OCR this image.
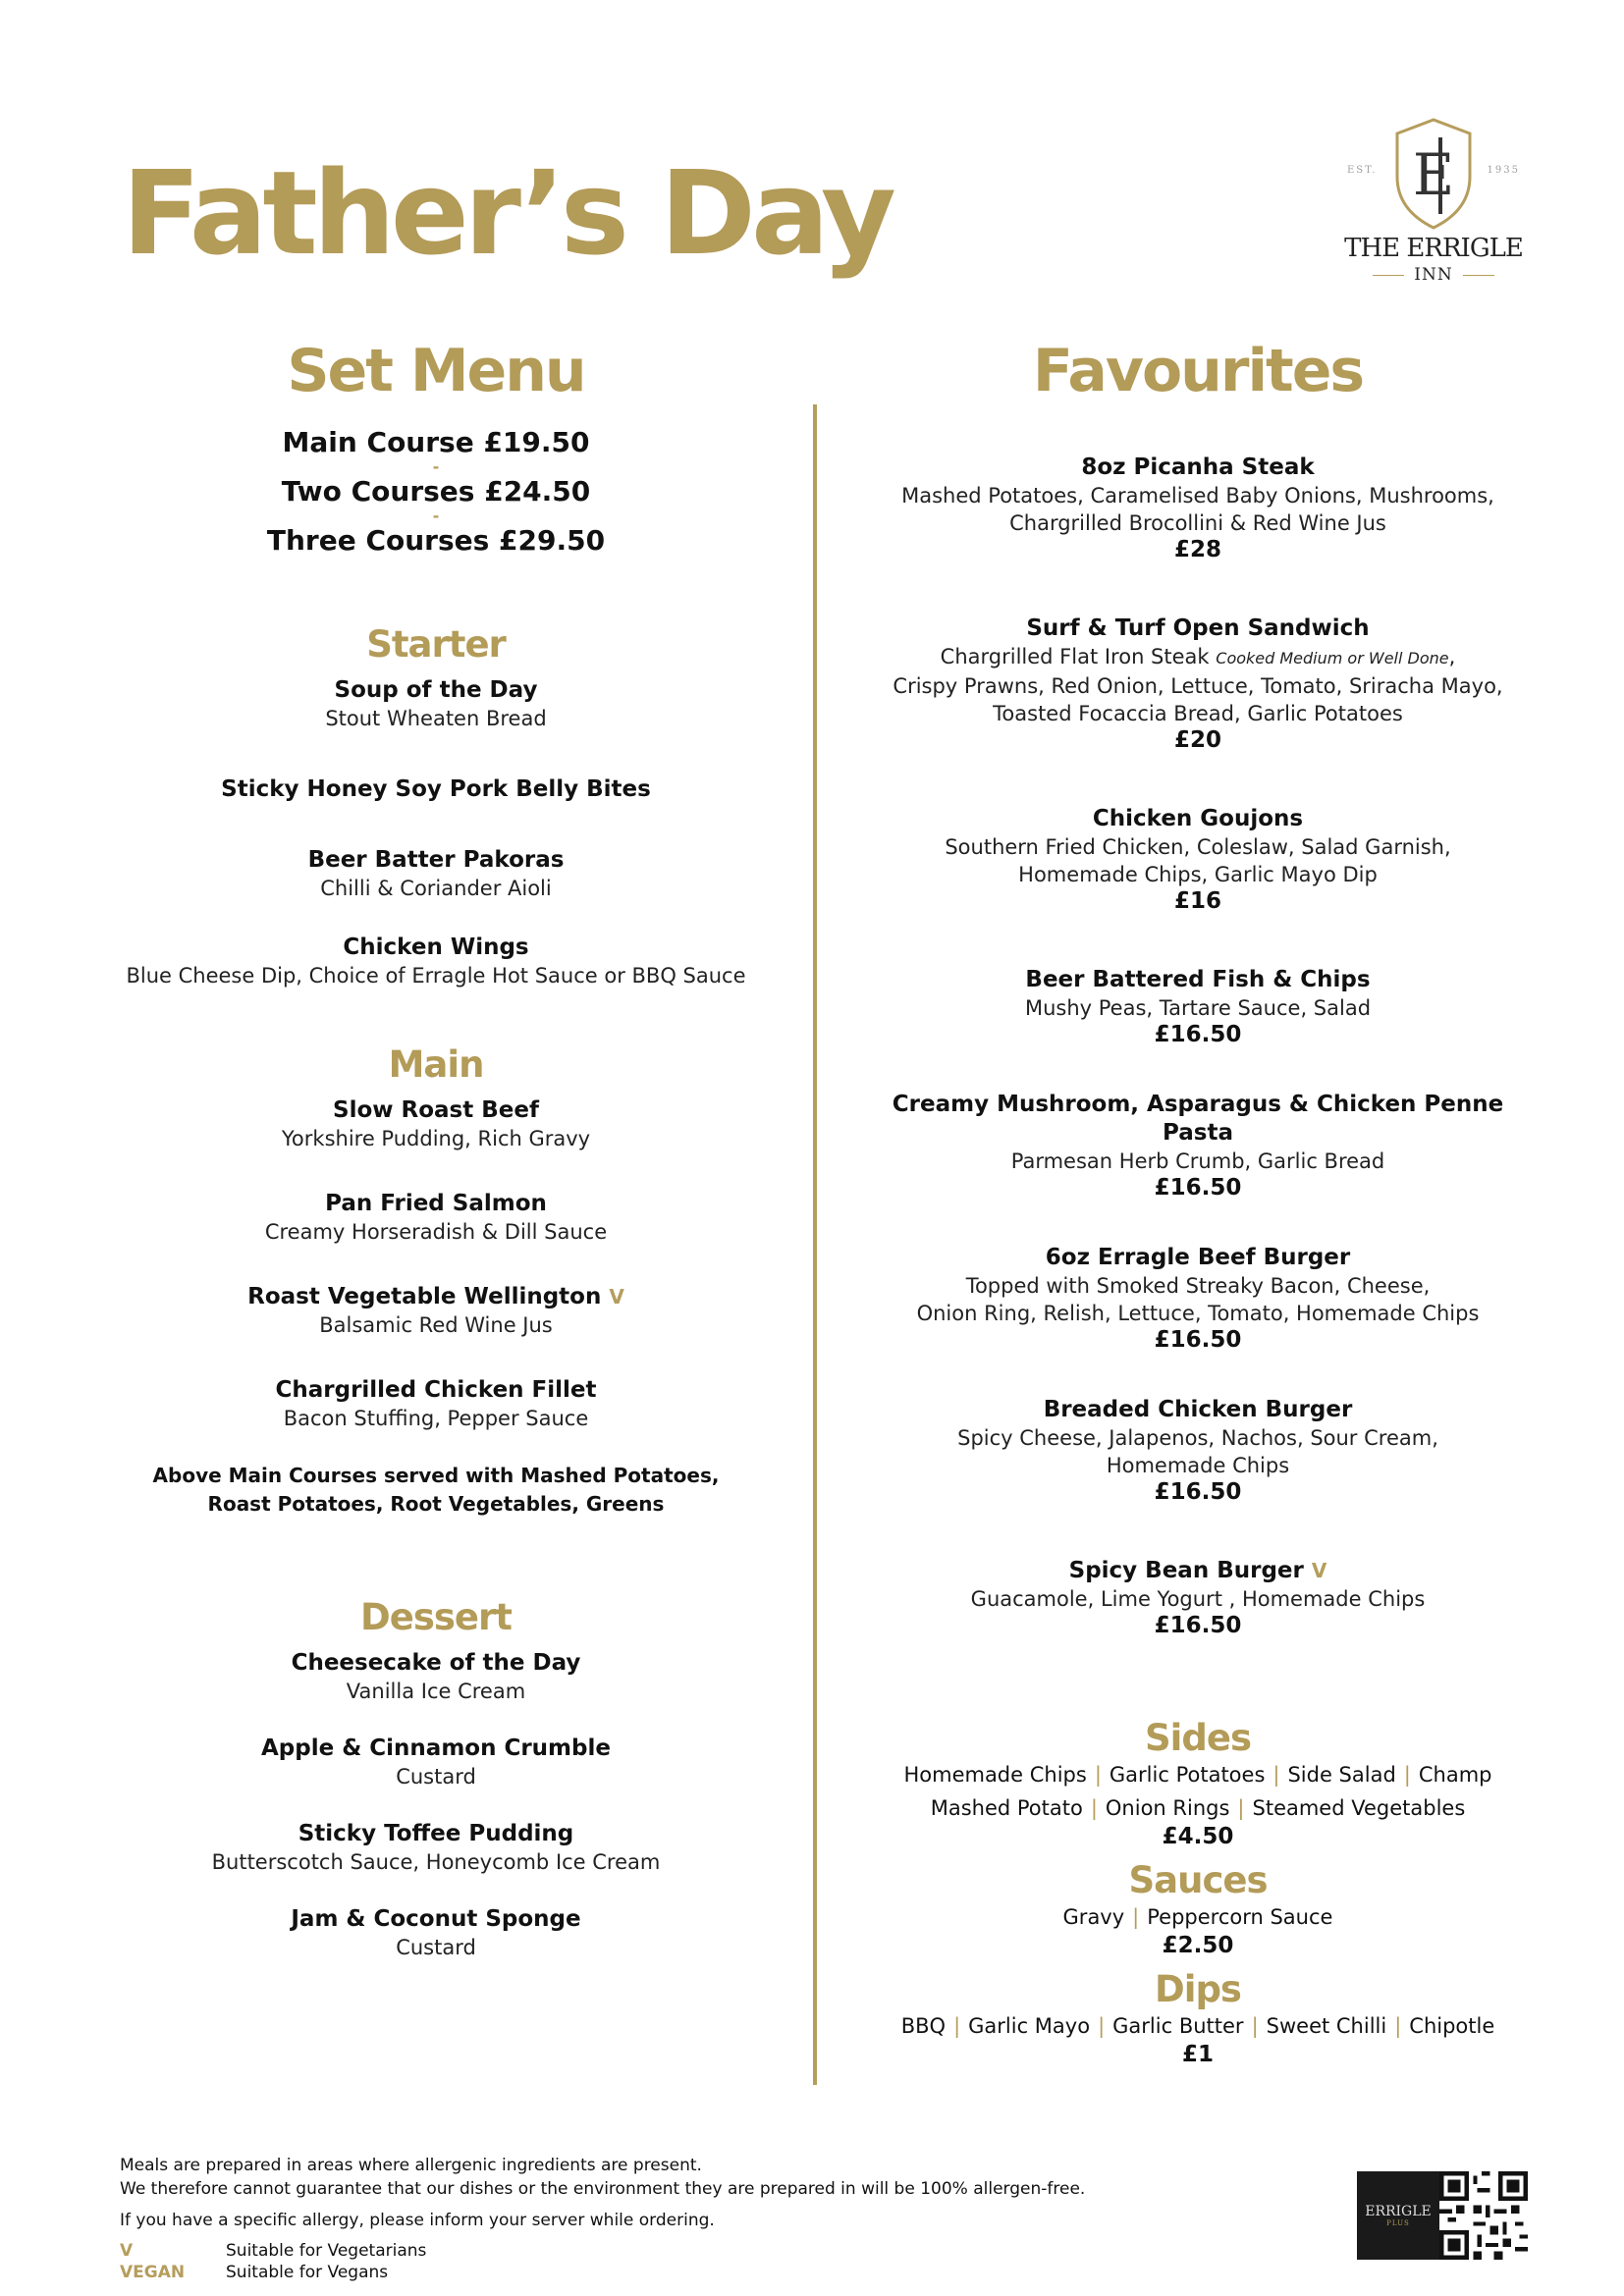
Father’s Day	E
EST.	1935
THE ERRIGLE
INN
Set Menu
Main Course £19.50
-
Two Courses £24.50
-
Three Courses £29.50
Starter
Soup of the Day
Stout Wheaten Bread
Sticky Honey Soy Pork Belly Bites
Beer Batter Pakoras
Chilli & Coriander Aioli
Chicken Wings
Blue Cheese Dip, Choice of Erragle Hot Sauce or BBQ Sauce
Main
Slow Roast Beef
Yorkshire Pudding, Rich Gravy
Pan Fried Salmon
Creamy Horseradish & Dill Sauce
Roast Vegetable Wellington V
Balsamic Red Wine Jus
Chargrilled Chicken Fillet
Bacon Stuffing, Pepper Sauce
Above Main Courses served with Mashed Potatoes,
Roast Potatoes, Root Vegetables, Greens
Dessert
Cheesecake of the Day
Vanilla Ice Cream
Apple & Cinnamon Crumble
Custard
Sticky Toffee Pudding
Butterscotch Sauce, Honeycomb Ice Cream
Jam & Coconut Sponge
Custard
Favourites
8oz Picanha Steak
Mashed Potatoes, Caramelised Baby Onions, Mushrooms,
Chargrilled Brocollini & Red Wine Jus
£28
Surf & Turf Open Sandwich
Chargrilled Flat Iron Steak Cooked Medium or Well Done,
Crispy Prawns, Red Onion, Lettuce, Tomato, Sriracha Mayo,
Toasted Focaccia Bread, Garlic Potatoes
£20
Chicken Goujons
Southern Fried Chicken, Coleslaw, Salad Garnish,
Homemade Chips, Garlic Mayo Dip
£16
Beer Battered Fish & Chips
Mushy Peas, Tartare Sauce, Salad
£16.50
Creamy Mushroom, Asparagus & Chicken Penne Pasta
Parmesan Herb Crumb, Garlic Bread
£16.50
6oz Erragle Beef Burger
Topped with Smoked Streaky Bacon, Cheese,
Onion Ring, Relish, Lettuce, Tomato, Homemade Chips
£16.50
Breaded Chicken Burger
Spicy Cheese, Jalapenos, Nachos, Sour Cream,
Homemade Chips
£16.50
Spicy Bean Burger V
Guacamole, Lime Yogurt , Homemade Chips
£16.50
Sides
Homemade Chips | Garlic Potatoes | Side Salad | Champ
Mashed Potato | Onion Rings | Steamed Vegetables
£4.50
Sauces
Gravy | Peppercorn Sauce
£2.50
Dips
BBQ | Garlic Mayo | Garlic Butter | Sweet Chilli | Chipotle
£1
Meals are prepared in areas where allergenic ingredients are present.
We therefore cannot guarantee that our dishes or the environment they are prepared in will be 100% allergen-free.
If you have a specific allergy, please inform your server while ordering.
V	Suitable for Vegetarians
VEGAN	Suitable for Vegans
ERRIGLE
PLUS
